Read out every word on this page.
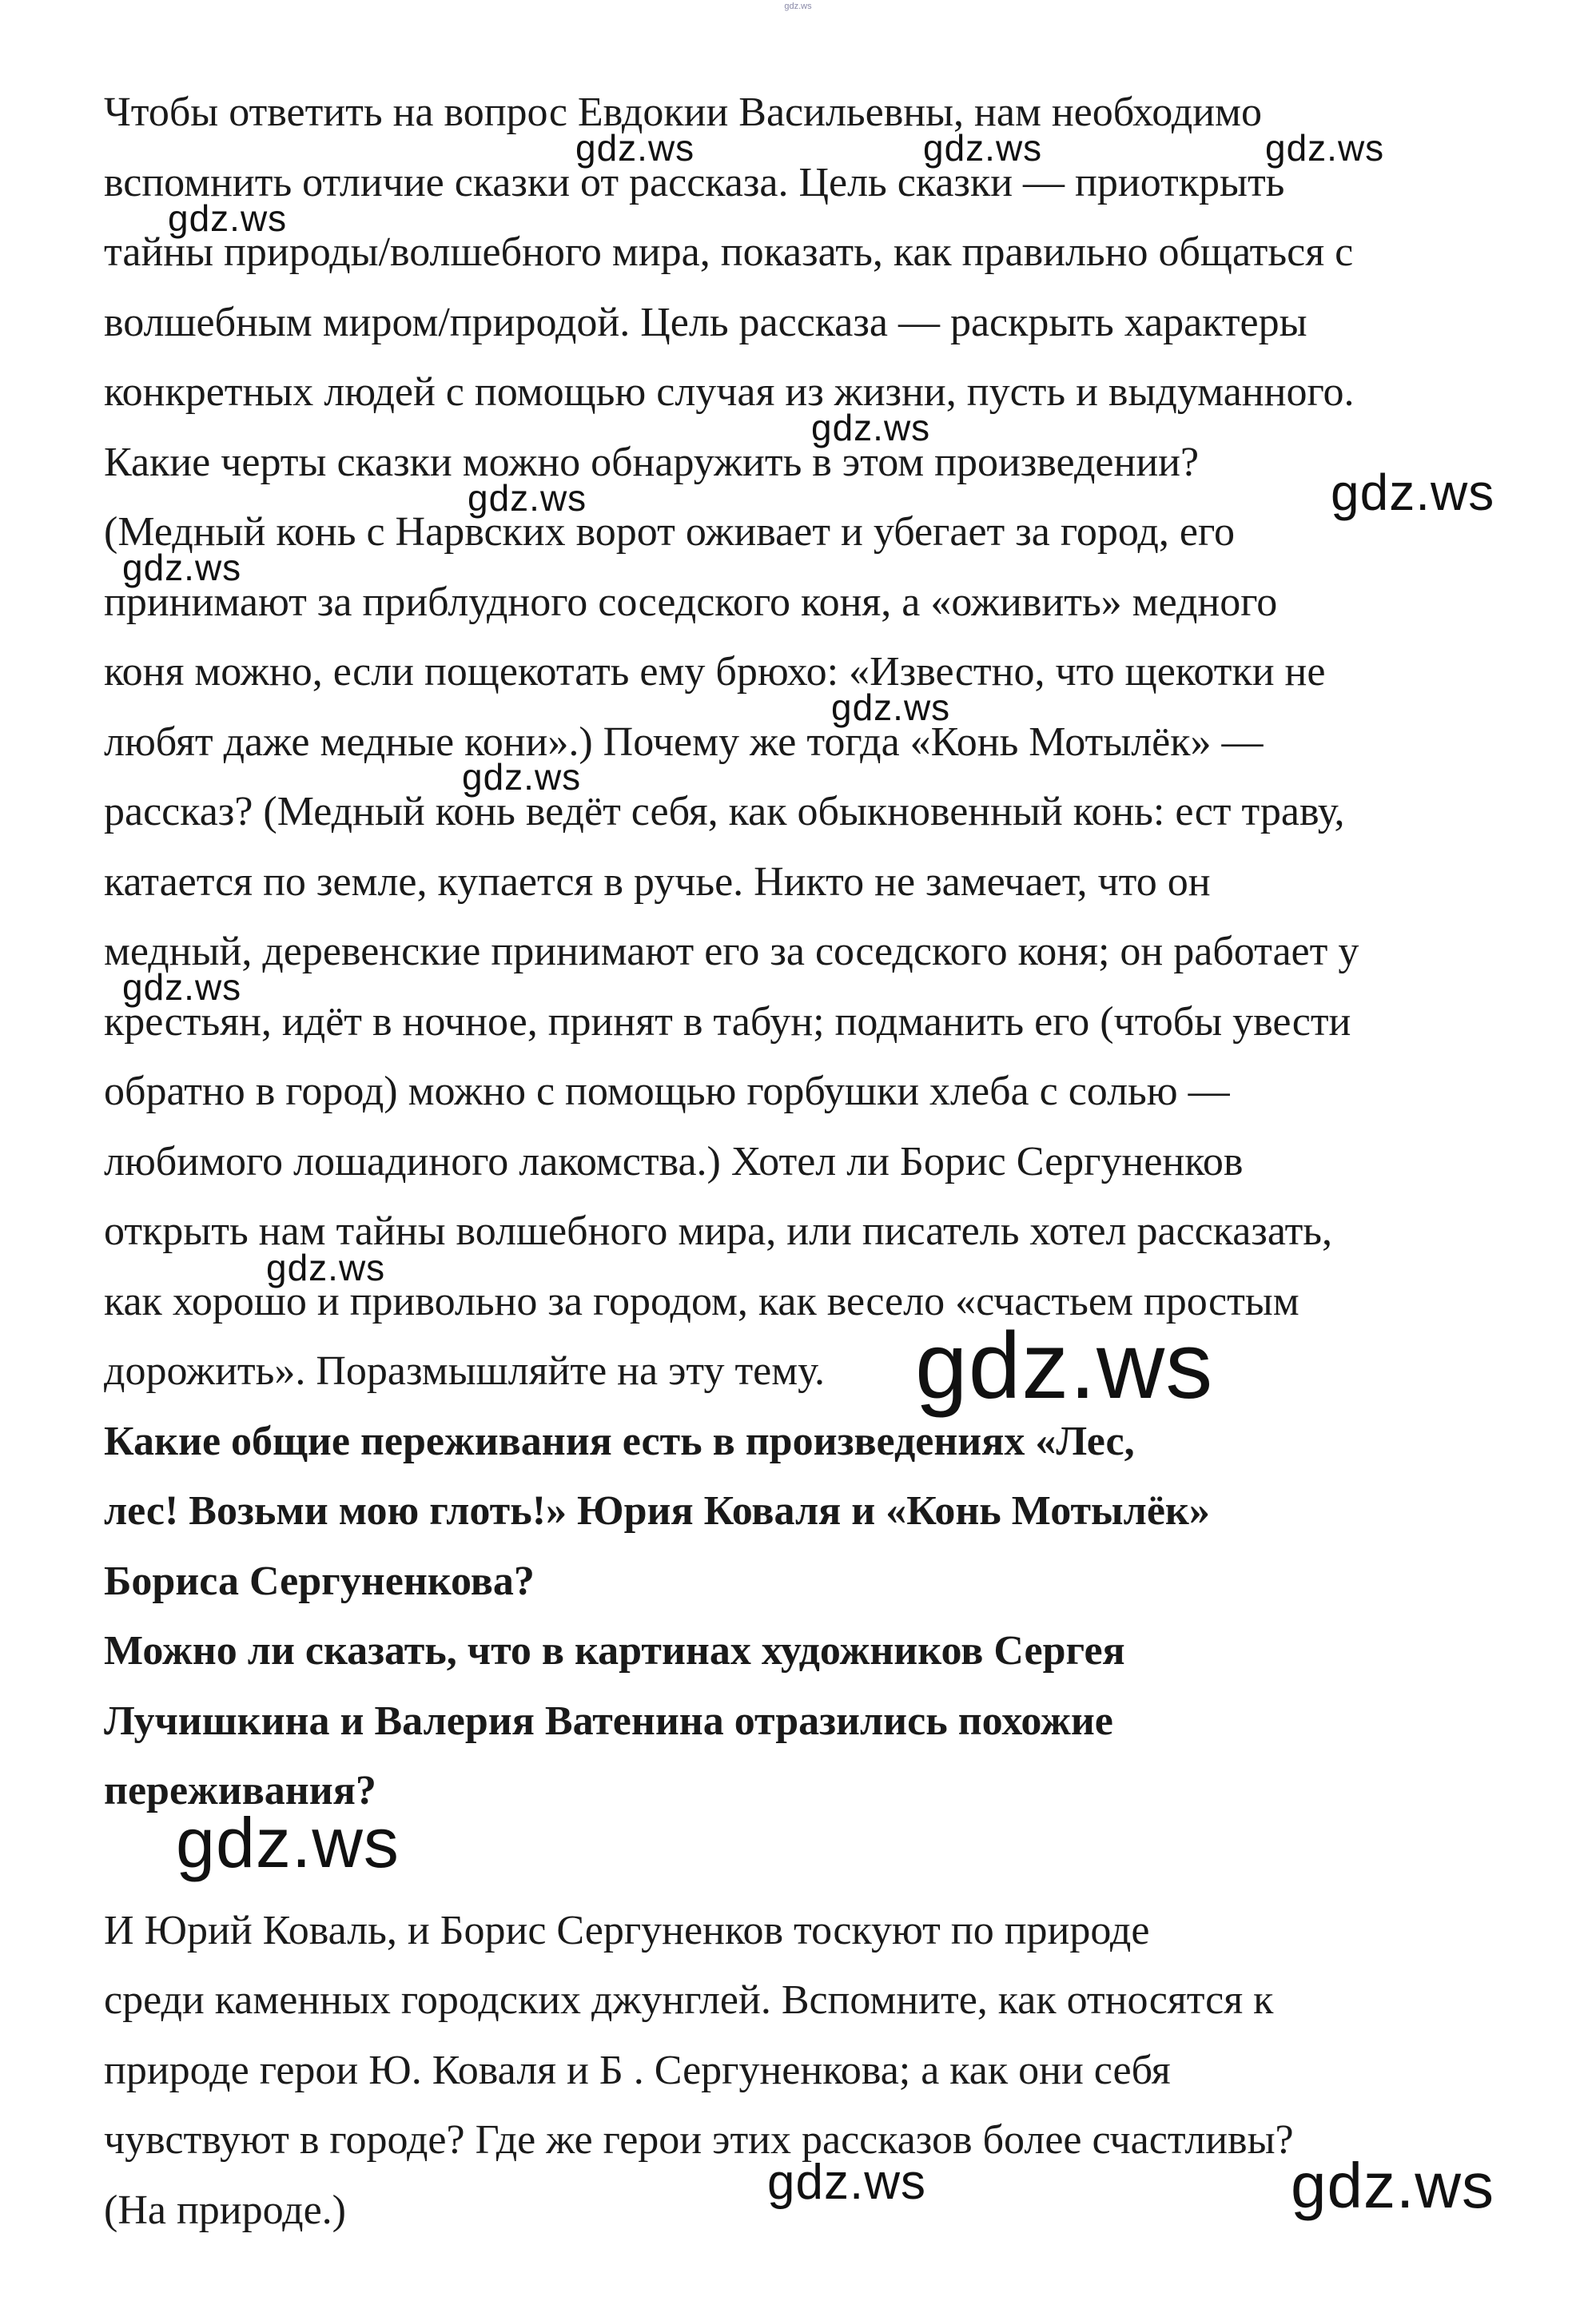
gdz.ws

Чтобы ответить на вопрос Евдокии Васильевны, нам необходимо
вспомнить отличие сказки от рассказа. Цель сказки — приоткрыть
тайны природы/волшебного мира, показать, как правильно общаться с
волшебным миром/природой. Цель рассказа — раскрыть характеры
конкретных людей с помощью случая из жизни, пусть и выдуманного.
Какие черты сказки можно обнаружить в этом произведении?
(Медный конь с Нарвских ворот оживает и убегает за город, его
принимают за приблудного соседского коня, а «оживить» медного
коня можно, если пощекотать ему брюхо: «Известно, что щекотки не
любят даже медные кони».) Почему же тогда «Конь Мотылёк» —
рассказ? (Медный конь ведёт себя, как обыкновенный конь: ест траву,
катается по земле, купается в ручье. Никто не замечает, что он
медный, деревенские принимают его за соседского коня; он работает у
крестьян, идёт в ночное, принят в табун; подманить его (чтобы увести
обратно в город) можно с помощью горбушки хлеба с солью —
любимого лошадиного лакомства.) Хотел ли Борис Сергуненков
открыть нам тайны волшебного мира, или писатель хотел рассказать,
как хорошо и привольно за городом, как весело «счастьем простым
дорожить». Поразмышляйте на эту тему.

Какие общие переживания есть в произведениях «Лес,
лес! Возьми мою глоть!» Юрия Коваля и «Конь Мотылёк»
Бориса Сергуненкова?
Можно ли сказать, что в картинах художников Сергея
Лучишкина и Валерия Ватенина отразились похожие
переживания?

И Юрий Коваль, и Борис Сергуненков тоскуют по природе
среди каменных городских джунглей. Вспомните, как относятся к
природе герои Ю. Коваля и Б . Сергуненкова; а как они себя
чувствуют в городе? Где же герои этих рассказов более счастливы?
(На природе.)

gdz.ws	gdz.ws	gdz.ws
gdz.ws
gdz.ws
gdz.ws
gdz.ws
gdz.ws
gdz.ws
gdz.ws
gdz.ws
gdz.ws
gdz.ws
gdz.ws
gdz.ws	gdz.ws
